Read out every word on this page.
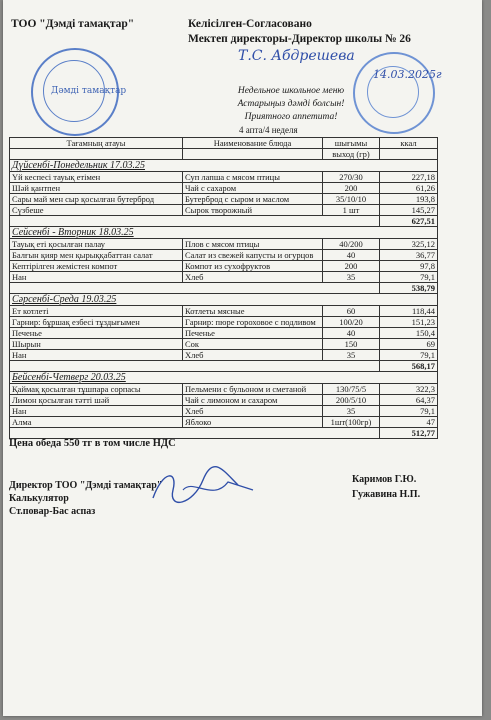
ТОО "Дэмді тамақтар"	Келісілген-Согласовано
Мектеп директоры-Директор школы № 26
Дәмді тамақтар
Т.С. Абдрешева
14.03.2025г
Недельное школьное меню
Астарыңыз дәмді болсын!
Приятного аппетита!
4 апта/4 неделя
Тағамның атауы	Наименование блюда	шығымы	ккал
		выход (гр)	
Дүйсенбі-Понедельник 17.03.25			
Үй кеспесі тауық етімен	Суп лапша с мясом птицы	270/30	227,18
Шәй қантпен	Чай с сахаром	200	61,26
Сары май мен сыр қосылған бутерброд	Бутерброд с сыром и маслом	35/10/10	193,8
Сүзбеше	Сырок творожный	1 шт	145,27
			627,51
Сейсенбі - Вторник 18.03.25			
Тауық еті қосылған палау	Плов с мясом птицы	40/200	325,12
Балғын қияр мен қырыққабаттан салат	Салат из свежей капусты и огурцов	40	36,77
Кептірілген жемістен компот	Компот из сухофруктов	200	97,8
Нан	Хлеб	35	79,1
			538,79
Сәрсенбі-Среда 19.03.25			
Ет котлеті	Котлеты мясные	60	118,44
Гарнир: бұршақ езбесі тұздығымен	Гарнир: пюре гороховое с подливом	100/20	151,23
Печенье	Печенье	40	150,4
Шырын	Сок	150	69
Нан	Хлеб	35	79,1
			568,17
Бейсенбі-Четверг 20.03.25			
Қаймақ қосылған тұшпара сорпасы	Пельмени с бульоном и сметаной	130/75/5	322,3
Лимон қосылған тәтті шәй	Чай с лимоном и сахаром	200/5/10	64,37
Нан	Хлеб	35	79,1
Алма	Яблоко	1шт(100гр)	47
			512,77
Цена обеда 550 тг в том числе НДС
Директор ТОО "Дэмді тамақтар"
Калькулятор
Ст.повар-Бас аспаз
Каримов Г.Ю.
Гужавина Н.П.
